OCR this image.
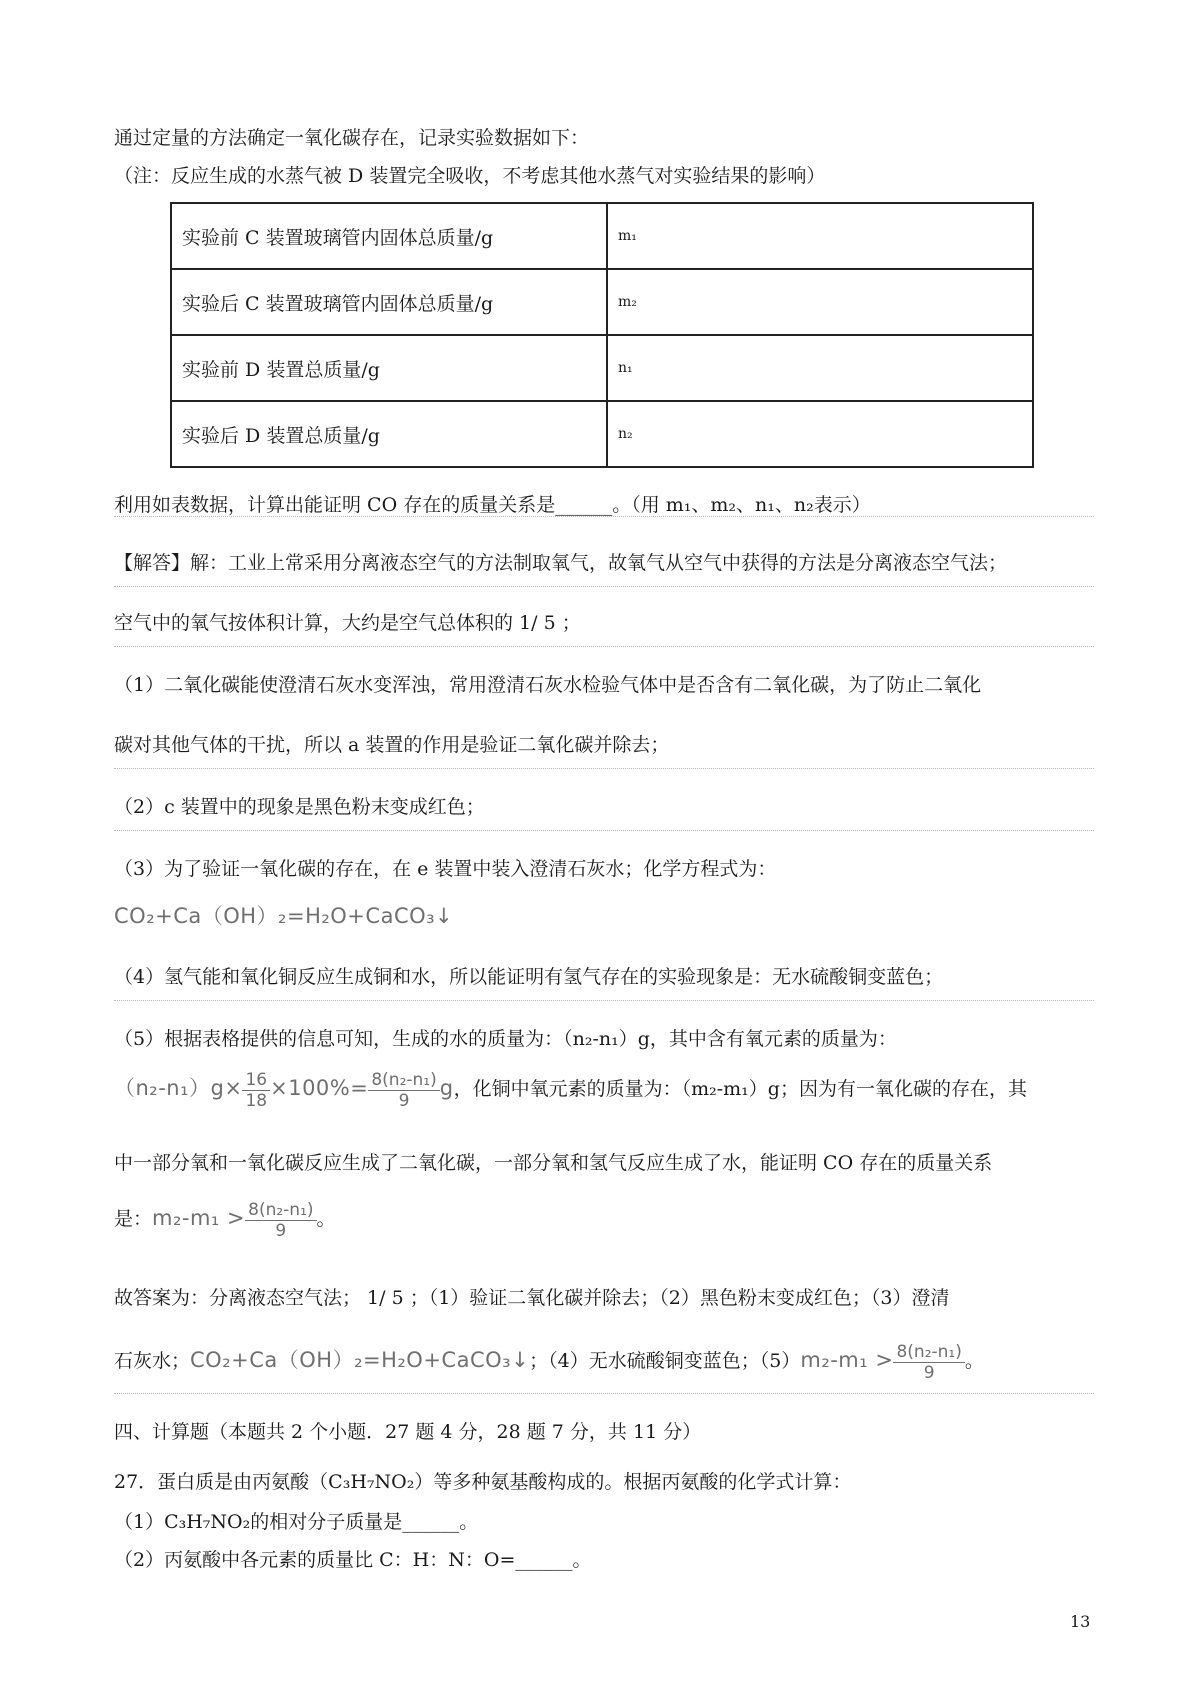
通过定量的方法确定一氧化碳存在，记录实验数据如下：
（注：反应生成的水蒸气被 D 装置完全吸收，不考虑其他水蒸气对实验结果的影响）
实验前 C 装置玻璃管内固体总质量/g	m₁
实验后 C 装置玻璃管内固体总质量/g	m₂
实验前 D 装置总质量/g	n₁
实验后 D 装置总质量/g	n₂
利用如表数据，计算出能证明 CO 存在的质量关系是______。（用 m₁、m₂、n₁、n₂表示）
【解答】解：工业上常采用分离液态空气的方法制取氧气，故氧气从空气中获得的方法是分离液态空气法；
空气中的氧气按体积计算，大约是空气总体积的 1/ 5 ；
（1）二氧化碳能使澄清石灰水变浑浊，常用澄清石灰水检验气体中是否含有二氧化碳，为了防止二氧化
碳对其他气体的干扰，所以 a 装置的作用是验证二氧化碳并除去；
（2）c 装置中的现象是黑色粉末变成红色；
（3）为了验证一氧化碳的存在，在 e 装置中装入澄清石灰水；化学方程式为：
CO₂+Ca（OH）₂=H₂O+CaCO₃↓
（4）氢气能和氧化铜反应生成铜和水，所以能证明有氢气存在的实验现象是：无水硫酸铜变蓝色；
（5）根据表格提供的信息可知，生成的水的质量为：（n₂-n₁）g，其中含有氧元素的质量为：
$(n_2-n_1)g\times \frac{16}{18} \times 100\%= \frac{\text{8(n₂-n₁)}}{9}$ g，化铜中氧元素的质量为：（m₂-m₁）g；因为有一氧化碳的存在，其
中一部分氧和一氧化碳反应生成了二氧化碳，一部分氧和氢气反应生成了水，能证明 CO 存在的质量关系
是：$m_2-m_1 > \frac{\text{8(n₂-n₁)}}{9}$ 。
故答案为：分离液态空气法； 1/ 5 ；（1）验证二氧化碳并除去；（2）黑色粉末变成红色；（3）澄清
石灰水；CO₂+Ca（OH）₂=H₂O+CaCO₃↓；（4）无水硫酸铜变蓝色；$(5)m_2-m_1 > \frac{\text{8(n₂-n₁)}}{9}$ 。
四、计算题（本题共 2 个小题．27 题 4 分，28 题 7 分，共 11 分）
27．蛋白质是由丙氨酸（C₃H₇NO₂）等多种氨基酸构成的。根据丙氨酸的化学式计算：
（1）C₃H₇NO₂的相对分子质量是______。
（2）丙氨酸中各元素的质量比 C：H：N：O=______。
13
